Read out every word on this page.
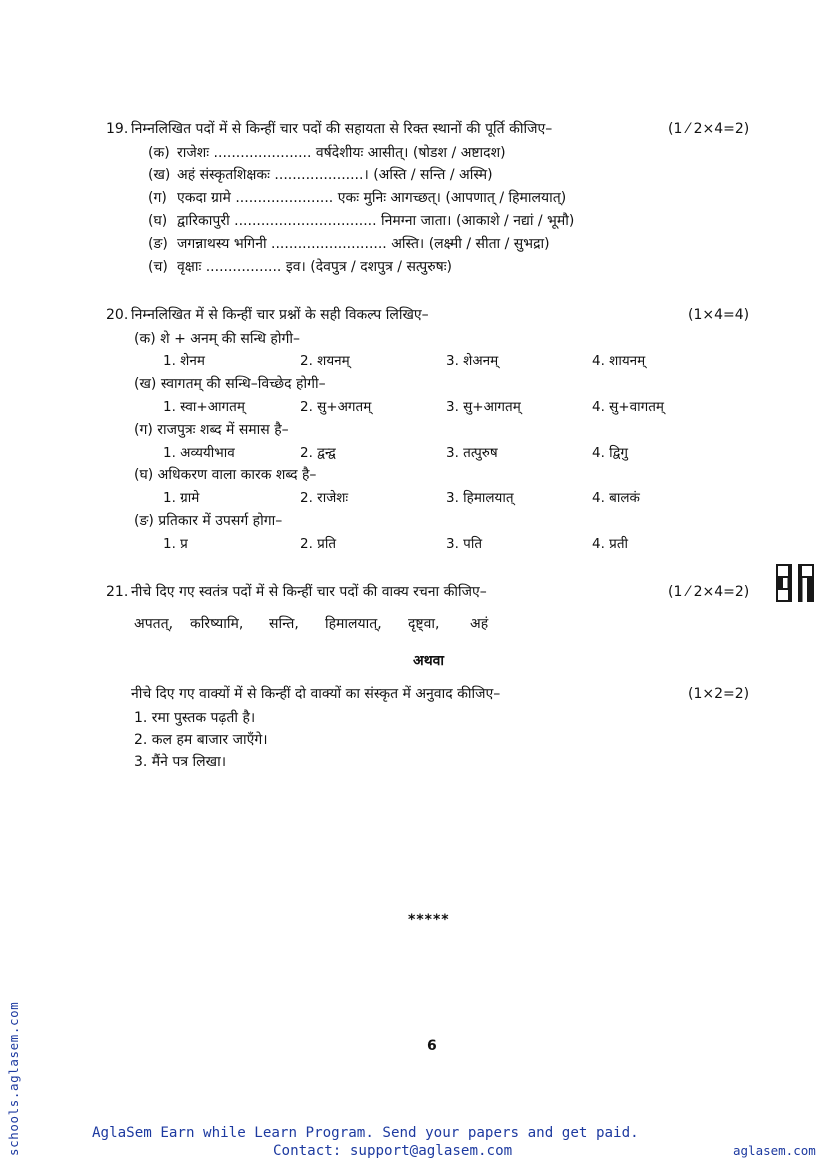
19. निम्नलिखित पदों में से किन्हीं चार पदों की सहायता से रिक्त स्थानों की पूर्ति कीजिए–	(1 ⁄ 2×4=2)
(क) राजेशः ...................... वर्षदेशीयः आसीत्। (षोडश / अष्टादश)
(ख) अहं संस्कृतशिक्षकः ....................। (अस्ति / सन्ति / अस्मि)
(ग) एकदा ग्रामे ...................... एकः मुनिः आगच्छत्। (आपणात् / हिमालयात्)
(घ) द्वारिकापुरी ................................ निमग्ना जाता। (आकाशे / नद्यां / भूमौ)
(ङ) जगन्नाथस्य भगिनी .......................... अस्ति। (लक्ष्मी / सीता / सुभद्रा)
(च) वृक्षाः ................. इव। (देवपुत्र / दशपुत्र / सत्पुरुषः)
20. निम्नलिखित में से किन्हीं चार प्रश्नों के सही विकल्प लिखिए–	(1×4=4)
(क) शे + अनम् की सन्धि होगी–
1. शेनम	2. शयनम्	3. शेअनम्	4. शायनम्
(ख) स्वागतम् की सन्धि–विच्छेद होगी–
1. स्वा+आगतम्	2. सु+अगतम्	3. सु+आगतम्	4. सु+वागतम्
(ग) राजपुत्रः शब्द में समास है–
1. अव्ययीभाव	2. द्वन्द्व	3. तत्पुरुष	4. द्विगु
(घ) अधिकरण वाला कारक शब्द है–
1. ग्रामे	2. राजेशः	3. हिमालयात्	4. बालकं
(ङ) प्रतिकार में उपसर्ग होगा–
1. प्र	2. प्रति	3. पति	4. प्रती
21. नीचे दिए गए स्वतंत्र पदों में से किन्हीं चार पदों की वाक्य रचना कीजिए–	(1 ⁄ 2×4=2)
अपतत्, करिष्यामि, सन्ति, हिमालयात्, दृष्ट्वा, अहं
अथवा
नीचे दिए गए वाक्यों में से किन्हीं दो वाक्यों का संस्कृत में अनुवाद कीजिए–	(1×2=2)
1. रमा पुस्तक पढ़ती है।
2. कल हम बाजार जाएँगे।
3. मैंने पत्र लिखा।
*****
6
schools.aglasem.com	AglaSem Earn while Learn Program. Send your papers and get paid.
Contact: support@aglasem.com	aglasem.com
